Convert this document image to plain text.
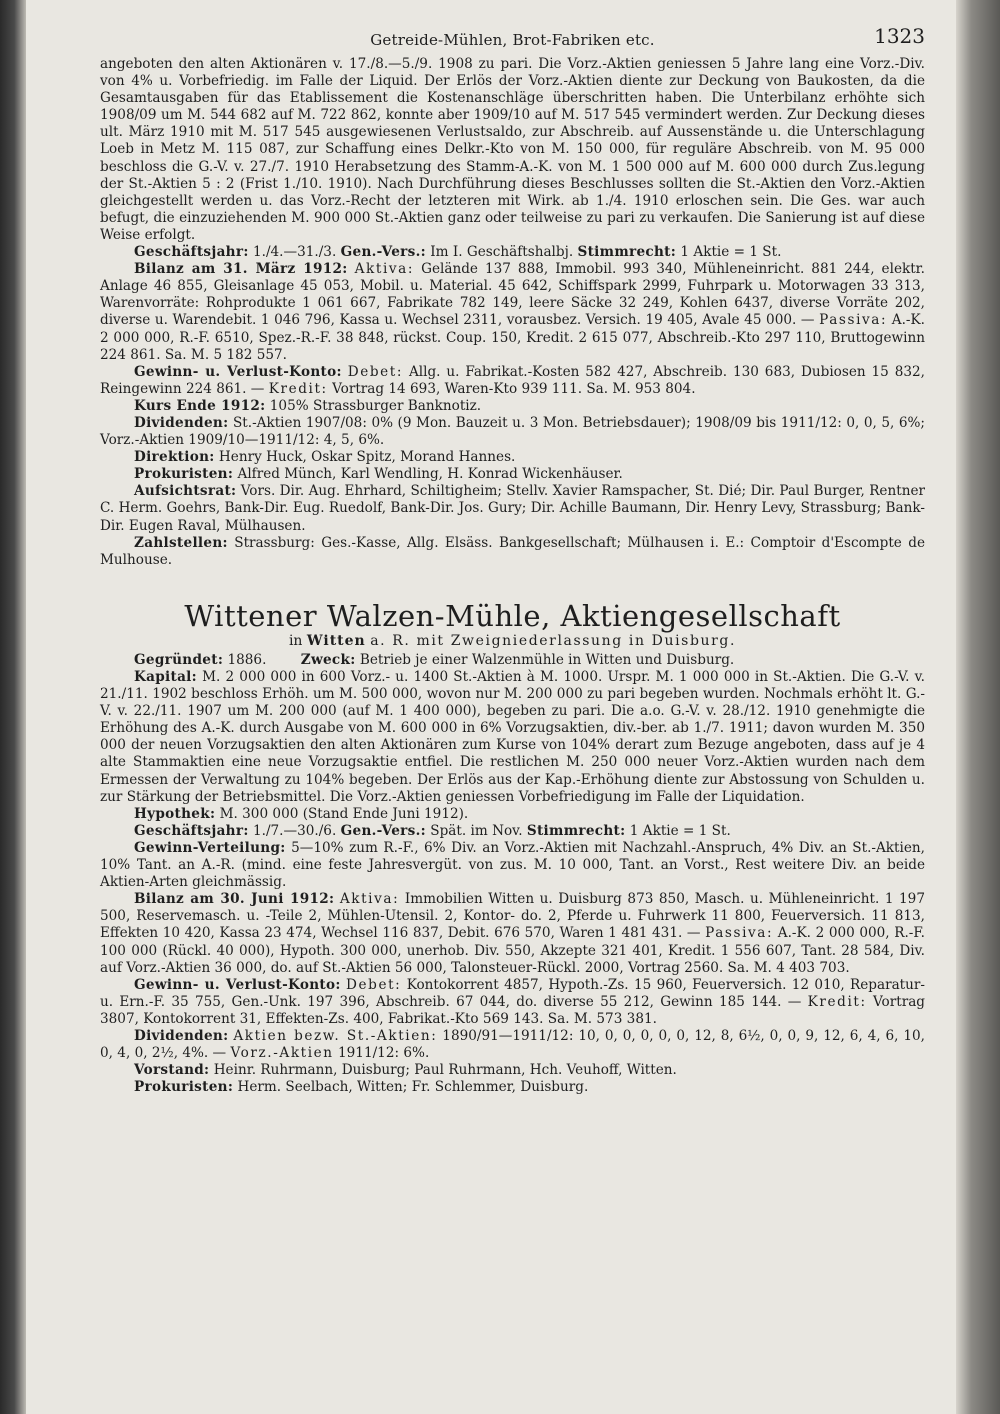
Getreide-Mühlen, Brot-Fabriken etc.	1323

angeboten den alten Aktionären v. 17./8.—5./9. 1908 zu pari. Die Vorz.-Aktien geniessen 5 Jahre lang eine Vorz.-Div. von 4% u. Vorbefriedig. im Falle der Liquid. Der Erlös der Vorz.-Aktien diente zur Deckung von Baukosten, da die Gesamtausgaben für das Etablissement die Kostenanschläge überschritten haben. Die Unterbilanz erhöhte sich 1908/09 um M. 544 682 auf M. 722 862, konnte aber 1909/10 auf M. 517 545 vermindert werden. Zur Deckung dieses ult. März 1910 mit M. 517 545 ausgewiesenen Verlustsaldo, zur Abschreib. auf Aussenstände u. die Unterschlagung Loeb in Metz M. 115 087, zur Schaffung eines Delkr.-Kto von M. 150 000, für reguläre Abschreib. von M. 95 000 beschloss die G.-V. v. 27./7. 1910 Herabsetzung des Stamm-A.-K. von M. 1 500 000 auf M. 600 000 durch Zus.legung der St.-Aktien 5 : 2 (Frist 1./10. 1910). Nach Durchführung dieses Beschlusses sollten die St.-Aktien den Vorz.-Aktien gleichgestellt werden u. das Vorz.-Recht der letzteren mit Wirk. ab 1./4. 1910 erloschen sein. Die Ges. war auch befugt, die einzuziehenden M. 900 000 St.-Aktien ganz oder teilweise zu pari zu verkaufen. Die Sanierung ist auf diese Weise erfolgt.

Geschäftsjahr: 1./4.—31./3. Gen.-Vers.: Im I. Geschäftshalbj. Stimmrecht: 1 Aktie = 1 St.

Bilanz am 31. März 1912: Aktiva: Gelände 137 888, Immobil. 993 340, Mühleneinricht. 881 244, elektr. Anlage 46 855, Gleisanlage 45 053, Mobil. u. Material. 45 642, Schiffspark 2999, Fuhrpark u. Motorwagen 33 313, Warenvorräte: Rohprodukte 1 061 667, Fabrikate 782 149, leere Säcke 32 249, Kohlen 6437, diverse Vorräte 202, diverse u. Warendebit. 1 046 796, Kassa u. Wechsel 2311, vorausbez. Versich. 19 405, Avale 45 000. — Passiva: A.-K. 2 000 000, R.-F. 6510, Spez.-R.-F. 38 848, rückst. Coup. 150, Kredit. 2 615 077, Abschreib.-Kto 297 110, Bruttogewinn 224 861. Sa. M. 5 182 557.

Gewinn- u. Verlust-Konto: Debet: Allg. u. Fabrikat.-Kosten 582 427, Abschreib. 130 683, Dubiosen 15 832, Reingewinn 224 861. — Kredit: Vortrag 14 693, Waren-Kto 939 111. Sa. M. 953 804.

Kurs Ende 1912: 105% Strassburger Banknotiz.

Dividenden: St.-Aktien 1907/08: 0% (9 Mon. Bauzeit u. 3 Mon. Betriebsdauer); 1908/09 bis 1911/12: 0, 0, 5, 6%; Vorz.-Aktien 1909/10—1911/12: 4, 5, 6%.

Direktion: Henry Huck, Oskar Spitz, Morand Hannes.

Prokuristen: Alfred Münch, Karl Wendling, H. Konrad Wickenhäuser.

Aufsichtsrat: Vors. Dir. Aug. Ehrhard, Schiltigheim; Stellv. Xavier Ramspacher, St. Dié; Dir. Paul Burger, Rentner C. Herm. Goehrs, Bank-Dir. Eug. Ruedolf, Bank-Dir. Jos. Gury; Dir. Achille Baumann, Dir. Henry Levy, Strassburg; Bank-Dir. Eugen Raval, Mülhausen.

Zahlstellen: Strassburg: Ges.-Kasse, Allg. Elsäss. Bankgesellschaft; Mülhausen i. E.: Comptoir d'Escompte de Mulhouse.

Wittener Walzen-Mühle, Aktiengesellschaft
in Witten a. R. mit Zweigniederlassung in Duisburg.

Gegründet: 1886.	Zweck: Betrieb je einer Walzenmühle in Witten und Duisburg.

Kapital: M. 2 000 000 in 600 Vorz.- u. 1400 St.-Aktien à M. 1000. Urspr. M. 1 000 000 in St.-Aktien. Die G.-V. v. 21./11. 1902 beschloss Erhöh. um M. 500 000, wovon nur M. 200 000 zu pari begeben wurden. Nochmals erhöht lt. G.-V. v. 22./11. 1907 um M. 200 000 (auf M. 1 400 000), begeben zu pari. Die a.o. G.-V. v. 28./12. 1910 genehmigte die Erhöhung des A.-K. durch Ausgabe von M. 600 000 in 6% Vorzugsaktien, div.-ber. ab 1./7. 1911; davon wurden M. 350 000 der neuen Vorzugsaktien den alten Aktionären zum Kurse von 104% derart zum Bezuge angeboten, dass auf je 4 alte Stammaktien eine neue Vorzugsaktie entfiel. Die restlichen M. 250 000 neuer Vorz.-Aktien wurden nach dem Ermessen der Verwaltung zu 104% begeben. Der Erlös aus der Kap.-Erhöhung diente zur Abstossung von Schulden u. zur Stärkung der Betriebsmittel. Die Vorz.-Aktien geniessen Vorbefriedigung im Falle der Liquidation.

Hypothek: M. 300 000 (Stand Ende Juni 1912).

Geschäftsjahr: 1./7.—30./6. Gen.-Vers.: Spät. im Nov. Stimmrecht: 1 Aktie = 1 St.

Gewinn-Verteilung: 5—10% zum R.-F., 6% Div. an Vorz.-Aktien mit Nachzahl.-Anspruch, 4% Div. an St.-Aktien, 10% Tant. an A.-R. (mind. eine feste Jahresvergüt. von zus. M. 10 000, Tant. an Vorst., Rest weitere Div. an beide Aktien-Arten gleichmässig.

Bilanz am 30. Juni 1912: Aktiva: Immobilien Witten u. Duisburg 873 850, Masch. u. Mühleneinricht. 1 197 500, Reservemasch. u. -Teile 2, Mühlen-Utensil. 2, Kontor- do. 2, Pferde u. Fuhrwerk 11 800, Feuerversich. 11 813, Effekten 10 420, Kassa 23 474, Wechsel 116 837, Debit. 676 570, Waren 1 481 431. — Passiva: A.-K. 2 000 000, R.-F. 100 000 (Rückl. 40 000), Hypoth. 300 000, unerhob. Div. 550, Akzepte 321 401, Kredit. 1 556 607, Tant. 28 584, Div. auf Vorz.-Aktien 36 000, do. auf St.-Aktien 56 000, Talonsteuer-Rückl. 2000, Vortrag 2560. Sa. M. 4 403 703.

Gewinn- u. Verlust-Konto: Debet: Kontokorrent 4857, Hypoth.-Zs. 15 960, Feuerversich. 12 010, Reparatur- u. Ern.-F. 35 755, Gen.-Unk. 197 396, Abschreib. 67 044, do. diverse 55 212, Gewinn 185 144. — Kredit: Vortrag 3807, Kontokorrent 31, Effekten-Zs. 400, Fabrikat.-Kto 569 143. Sa. M. 573 381.

Dividenden: Aktien bezw. St.-Aktien: 1890/91—1911/12: 10, 0, 0, 0, 0, 0, 12, 8, 6½, 0, 0, 9, 12, 6, 4, 6, 10, 0, 4, 0, 2½, 4%. — Vorz.-Aktien 1911/12: 6%.

Vorstand: Heinr. Ruhrmann, Duisburg; Paul Ruhrmann, Hch. Veuhoff, Witten.

Prokuristen: Herm. Seelbach, Witten; Fr. Schlemmer, Duisburg.
